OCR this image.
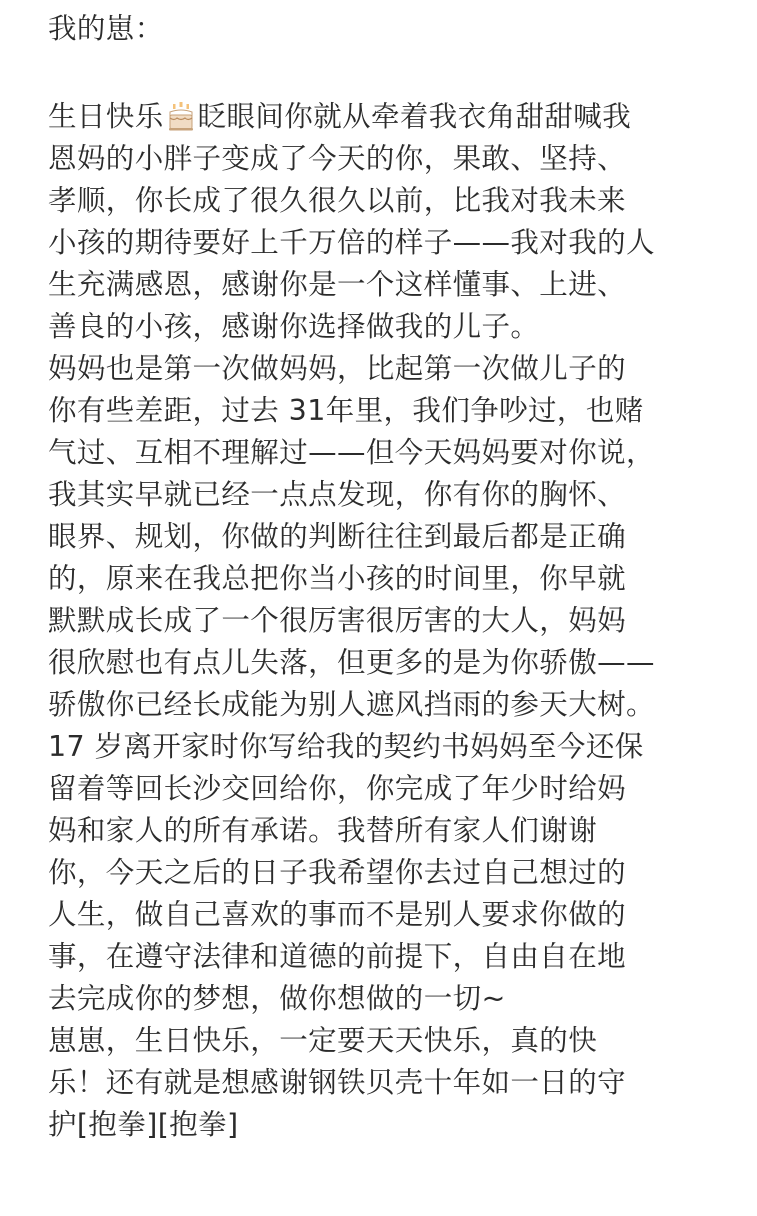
我的崽：
生日快乐 眨眼间你就从牵着我衣角甜甜喊我
恩妈的小胖子变成了今天的你，果敢、坚持、
孝顺，你长成了很久很久以前，比我对我未来
小孩的期待要好上千万倍的样子——我对我的人
生充满感恩，感谢你是一个这样懂事、上进、
善良的小孩，感谢你选择做我的儿子。
妈妈也是第一次做妈妈，比起第一次做儿子的
你有些差距，过去 31年里，我们争吵过，也赌
气过、互相不理解过——但今天妈妈要对你说，
我其实早就已经一点点发现，你有你的胸怀、
眼界、规划，你做的判断往往到最后都是正确
的，原来在我总把你当小孩的时间里，你早就
默默成长成了一个很厉害很厉害的大人，妈妈
很欣慰也有点儿失落，但更多的是为你骄傲——
骄傲你已经长成能为别人遮风挡雨的参天大树。
17 岁离开家时你写给我的契约书妈妈至今还保
留着等回长沙交回给你，你完成了年少时给妈
妈和家人的所有承诺。我替所有家人们谢谢
你，今天之后的日子我希望你去过自己想过的
人生，做自己喜欢的事而不是别人要求你做的
事，在遵守法律和道德的前提下，自由自在地
去完成你的梦想，做你想做的一切~
崽崽，生日快乐，一定要天天快乐，真的快
乐！还有就是想感谢钢铁贝壳十年如一日的守
护[抱拳][抱拳]
